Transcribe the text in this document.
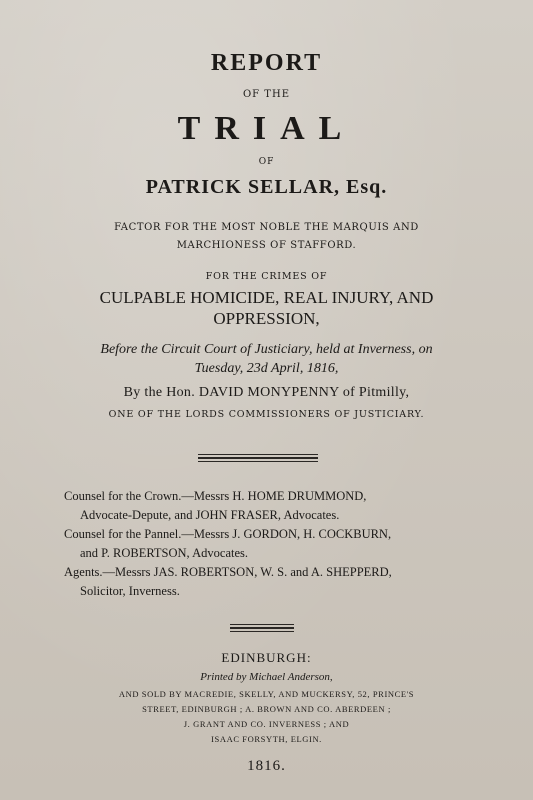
REPORT
OF THE
TRIAL
OF
PATRICK SELLAR, Esq.
FACTOR FOR THE MOST NOBLE THE MARQUIS AND
MARCHIONESS OF STAFFORD.
FOR THE CRIMES OF
CULPABLE HOMICIDE, REAL INJURY, AND
OPPRESSION,
Before the Circuit Court of Justiciary, held at Inverness, on
Tuesday, 23d April, 1816,
By the Hon. DAVID MONYPENNY of Pitmilly,
ONE OF THE LORDS COMMISSIONERS OF JUSTICIARY.
Counsel for the Crown.—Messrs H. HOME DRUMMOND,
Advocate-Depute, and JOHN FRASER, Advocates.
Counsel for the Pannel.—Messrs J. GORDON, H. COCKBURN,
and P. ROBERTSON, Advocates.
Agents.—Messrs JAS. ROBERTSON, W. S. and A. SHEPPERD,
Solicitor, Inverness.
EDINBURGH:
Printed by Michael Anderson,
AND SOLD BY MACREDIE, SKELLY, AND MUCKERSY, 52, PRINCE'S
STREET, EDINBURGH ; A. BROWN AND CO. ABERDEEN ;
J. GRANT AND CO. INVERNESS ; AND
ISAAC FORSYTH, ELGIN.
1816.
